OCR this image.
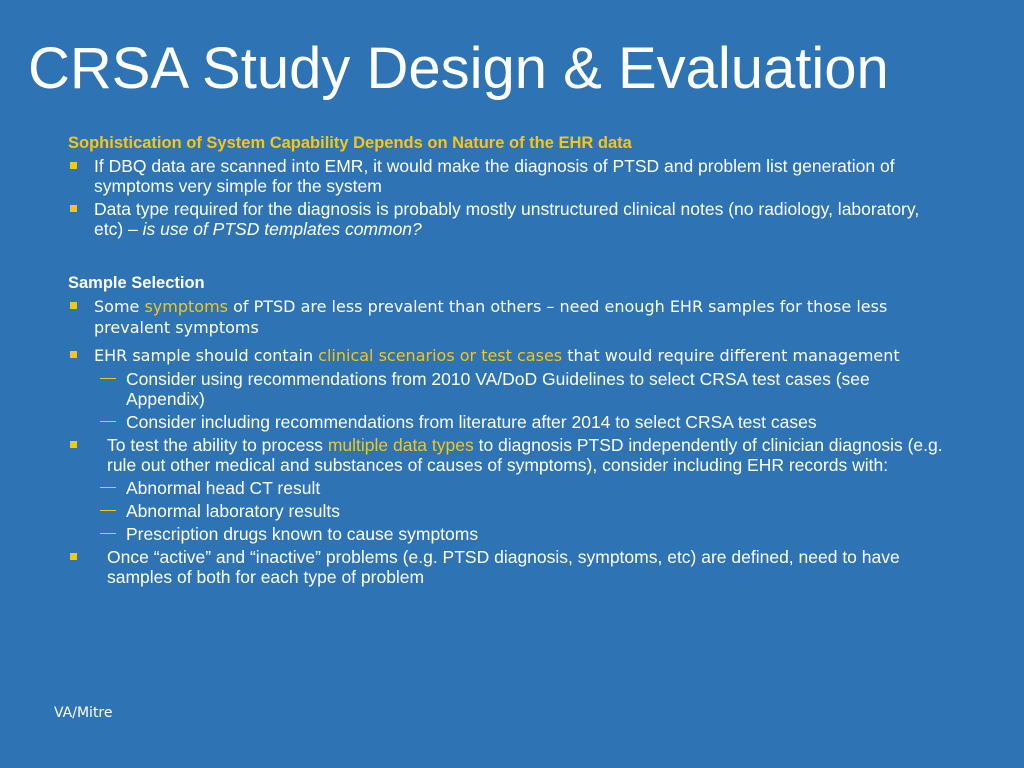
CRSA Study Design & Evaluation

Sophistication of System Capability Depends on Nature of the EHR data

If DBQ data are scanned into EMR, it would make the diagnosis of PTSD and problem list generation of symptoms very simple for the system
Data type required for the diagnosis is probably mostly unstructured clinical notes (no radiology, laboratory, etc) – is use of PTSD templates common?

Sample Selection

Some symptoms of PTSD are less prevalent than others – need enough EHR samples for those less prevalent symptoms
EHR sample should contain clinical scenarios or test cases that would require different management
Consider using recommendations from 2010 VA/DoD Guidelines to select CRSA test cases (see Appendix)
Consider including recommendations from literature after 2014 to select CRSA test cases
To test the ability to process multiple data types to diagnosis PTSD independently of clinician diagnosis (e.g. rule out other medical and substances of causes of symptoms), consider including EHR records with:
Abnormal head CT result
Abnormal laboratory results
Prescription drugs known to cause symptoms
Once “active” and “inactive” problems (e.g. PTSD diagnosis, symptoms, etc) are defined, need to have samples of both for each type of problem
VA/Mitre
